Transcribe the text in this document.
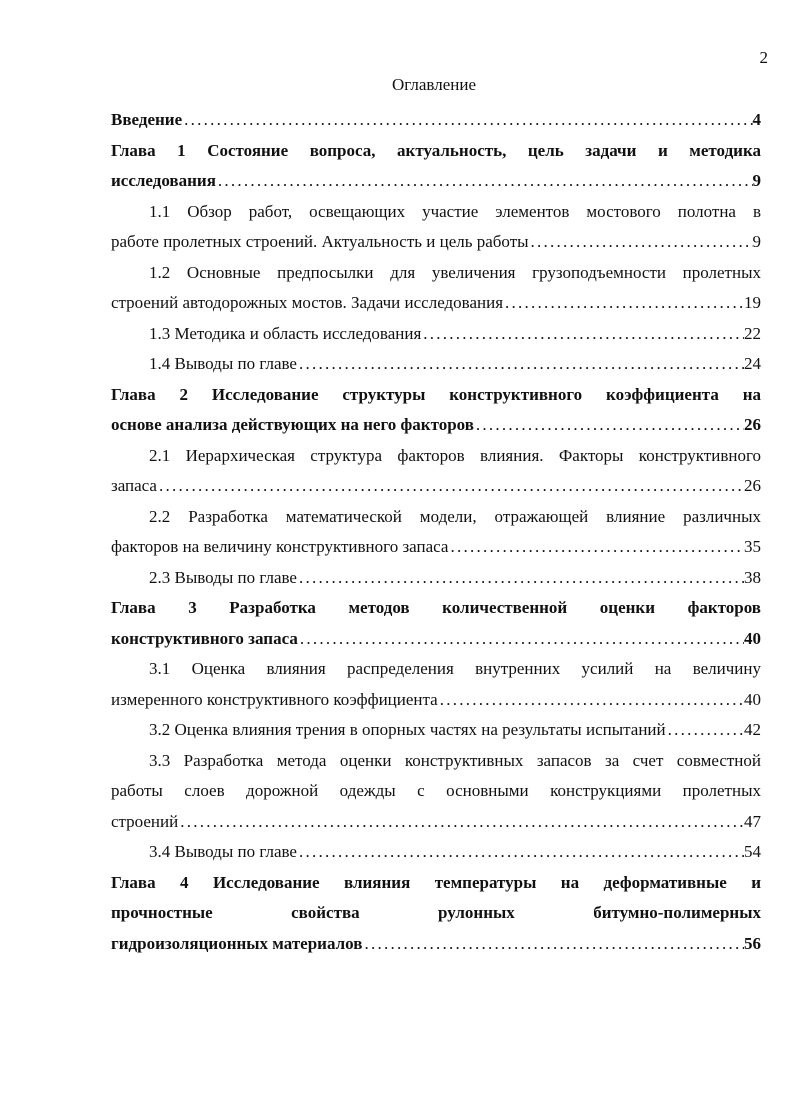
2
Оглавление
Введение . . .	4
Глава 1 Состояние вопроса, актуальность, цель задачи и методика
исследования . . .	9
1.1 Обзор работ, освещающих участие элементов мостового полотна в
работе пролетных строений. Актуальность и цель работы . . .	9
1.2 Основные предпосылки для увеличения грузоподъемности пролетных
строений автодорожных мостов. Задачи исследования . . .	19
1.3 Методика и область исследования . . .	22
1.4 Выводы по главе . . .	24
Глава 2 Исследование структуры конструктивного коэффициента на
основе анализа действующих на него факторов . . .	26
2.1 Иерархическая структура факторов влияния. Факторы конструктивного
запаса . . .	26
2.2 Разработка математической модели, отражающей влияние различных
факторов на величину конструктивного запаса . . .	35
2.3 Выводы по главе . . .	38
Глава 3 Разработка методов количественной оценки факторов
конструктивного запаса . . .	40
3.1 Оценка влияния распределения внутренних усилий на величину
измеренного конструктивного коэффициента . . .	40
3.2 Оценка влияния трения в опорных частях на результаты испытаний . . .	42
3.3 Разработка метода оценки конструктивных запасов за счет совместной
работы слоев дорожной одежды с основными конструкциями пролетных
строений . . .	47
3.4 Выводы по главе . . .	54
Глава 4 Исследование влияния температуры на деформативные и
прочностные свойства рулонных битумно-полимерных
гидроизоляционных материалов . . .	56
